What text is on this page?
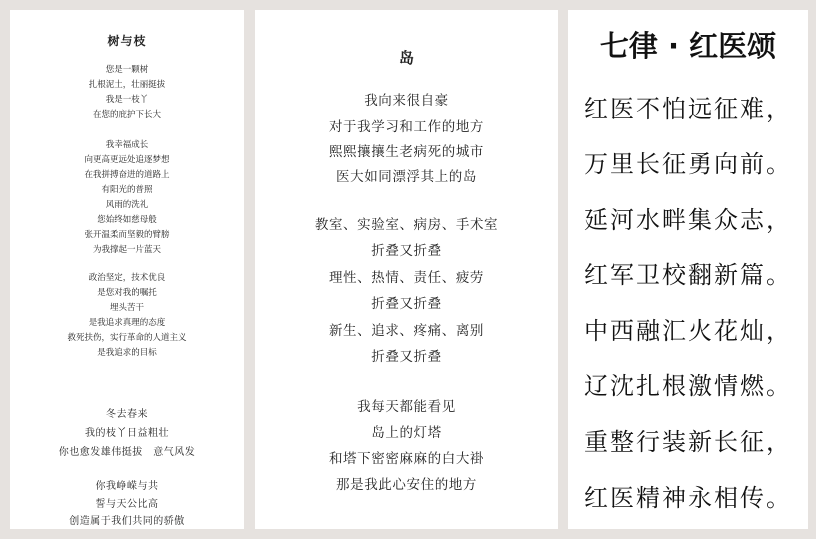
树与枝
您是一颗树
扎根泥土，壮丽挺拔
我是一枝丫
在您的庇护下长大
我幸福成长
向更高更远处追逐梦想
在我拼搏奋进的道路上
有阳光的普照
风雨的洗礼
您始终如慈母般
张开温柔而坚毅的臂膀
为我撑起一片蓝天
政治坚定，技术优良
是您对我的嘱托
埋头苦干
是我追求真理的态度
救死扶伤，实行革命的人道主义
是我追求的目标
冬去春来
我的枝丫日益粗壮
你也愈发雄伟挺拔　意气风发
你我峥嵘与共
誓与天公比高
创造属于我们共同的骄傲
岛
我向来很自豪
对于我学习和工作的地方
熙熙攘攘生老病死的城市
医大如同漂浮其上的岛
教室、实验室、病房、手术室
折叠又折叠
理性、热情、责任、疲劳
折叠又折叠
新生、追求、疼痛、离别
折叠又折叠
我每天都能看见
岛上的灯塔
和塔下密密麻麻的白大褂
那是我此心安住的地方
七律 · 红医颂
红医不怕远征难，
万里长征勇向前。
延河水畔集众志，
红军卫校翻新篇。
中西融汇火花灿，
辽沈扎根激情燃。
重整行装新长征，
红医精神永相传。
